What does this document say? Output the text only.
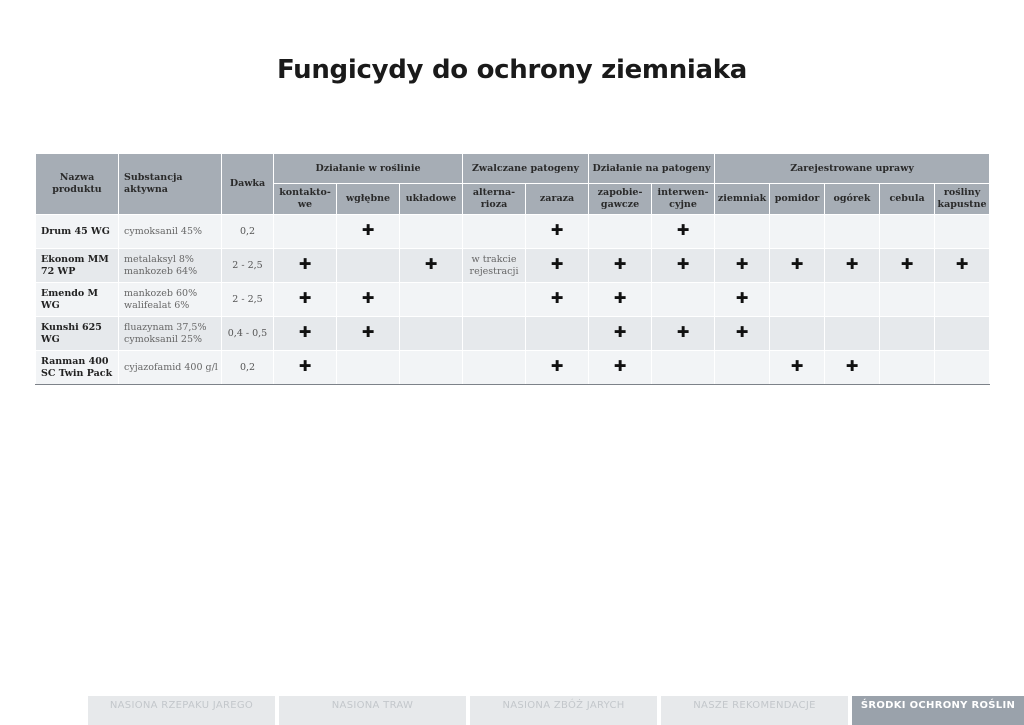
Fungicydy do ochrony ziemniaka
Nazwa produktu	Substancja aktywna	Dawka	Działanie w roślinie			Zwalczane patogeny		Działanie na patogeny		Zarejestrowane uprawy				
			kontakto-we	wgłębne	układowe	alterna-rioza	zaraza	zapobie-gawcze	interwen-cyjne	ziemniak	pomidor	ogórek	cebula	rośliny kapustne
Drum 45 WG	cymoksanil 45%	0,2		✚			✚		✚					
Ekonom MM 72 WP	metalaksyl 8% mankozeb 64%	2 - 2,5	✚		✚	w trakcie rejestracji	✚	✚	✚	✚	✚	✚	✚	✚
Emendo M WG	mankozeb 60% walifealat 6%	2 - 2,5	✚	✚			✚	✚		✚				
Kunshi 625 WG	fluazynam 37,5% cymoksanil 25%	0,4 - 0,5	✚	✚				✚	✚	✚				
Ranman 400 SC Twin Pack	cyjazofamid 400 g/l	0,2	✚				✚	✚			✚	✚		
NASIONA RZEPAKU JAREGO	NASIONA TRAW	NASIONA ZBÓŻ JARYCH	NASZE REKOMENDACJE	ŚRODKI OCHRONY ROŚLIN
